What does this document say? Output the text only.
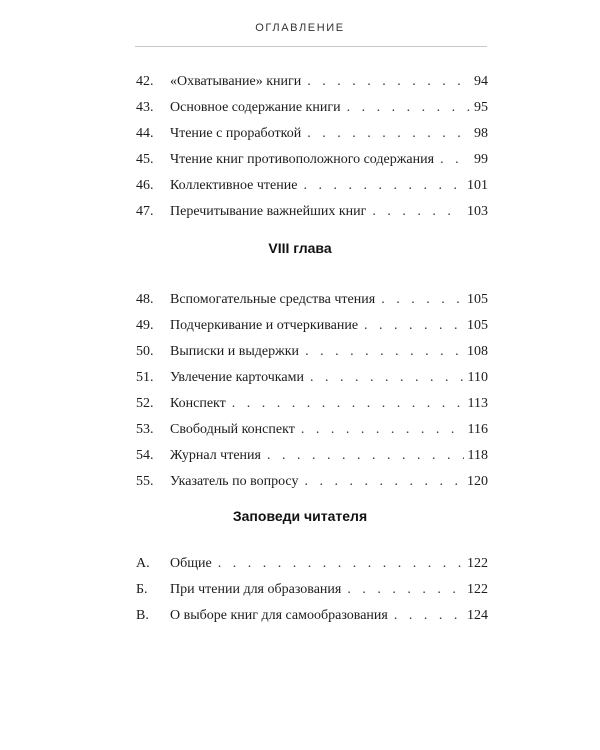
ОГЛАВЛЕНИЕ
42.	«Охватывание» книги . . .	94
43.	Основное содержание книги . . .	95
44.	Чтение с проработкой . . .	98
45.	Чтение книг противоположного содержания . . .	99
46.	Коллективное чтение . . .	101
47.	Перечитывание важнейших книг . . .	103
VIII глава
48.	Вспомогательные средства чтения . . .	105
49.	Подчеркивание и отчеркивание . . .	105
50.	Выписки и выдержки . . .	108
51.	Увлечение карточками . . .	110
52.	Конспект . . .	113
53.	Свободный конспект . . .	116
54.	Журнал чтения . . .	118
55.	Указатель по вопросу . . .	120
Заповеди читателя
А.	Общие . . .	122
Б.	При чтении для образования . . .	122
В.	О выборе книг для самообразования . . .	124
